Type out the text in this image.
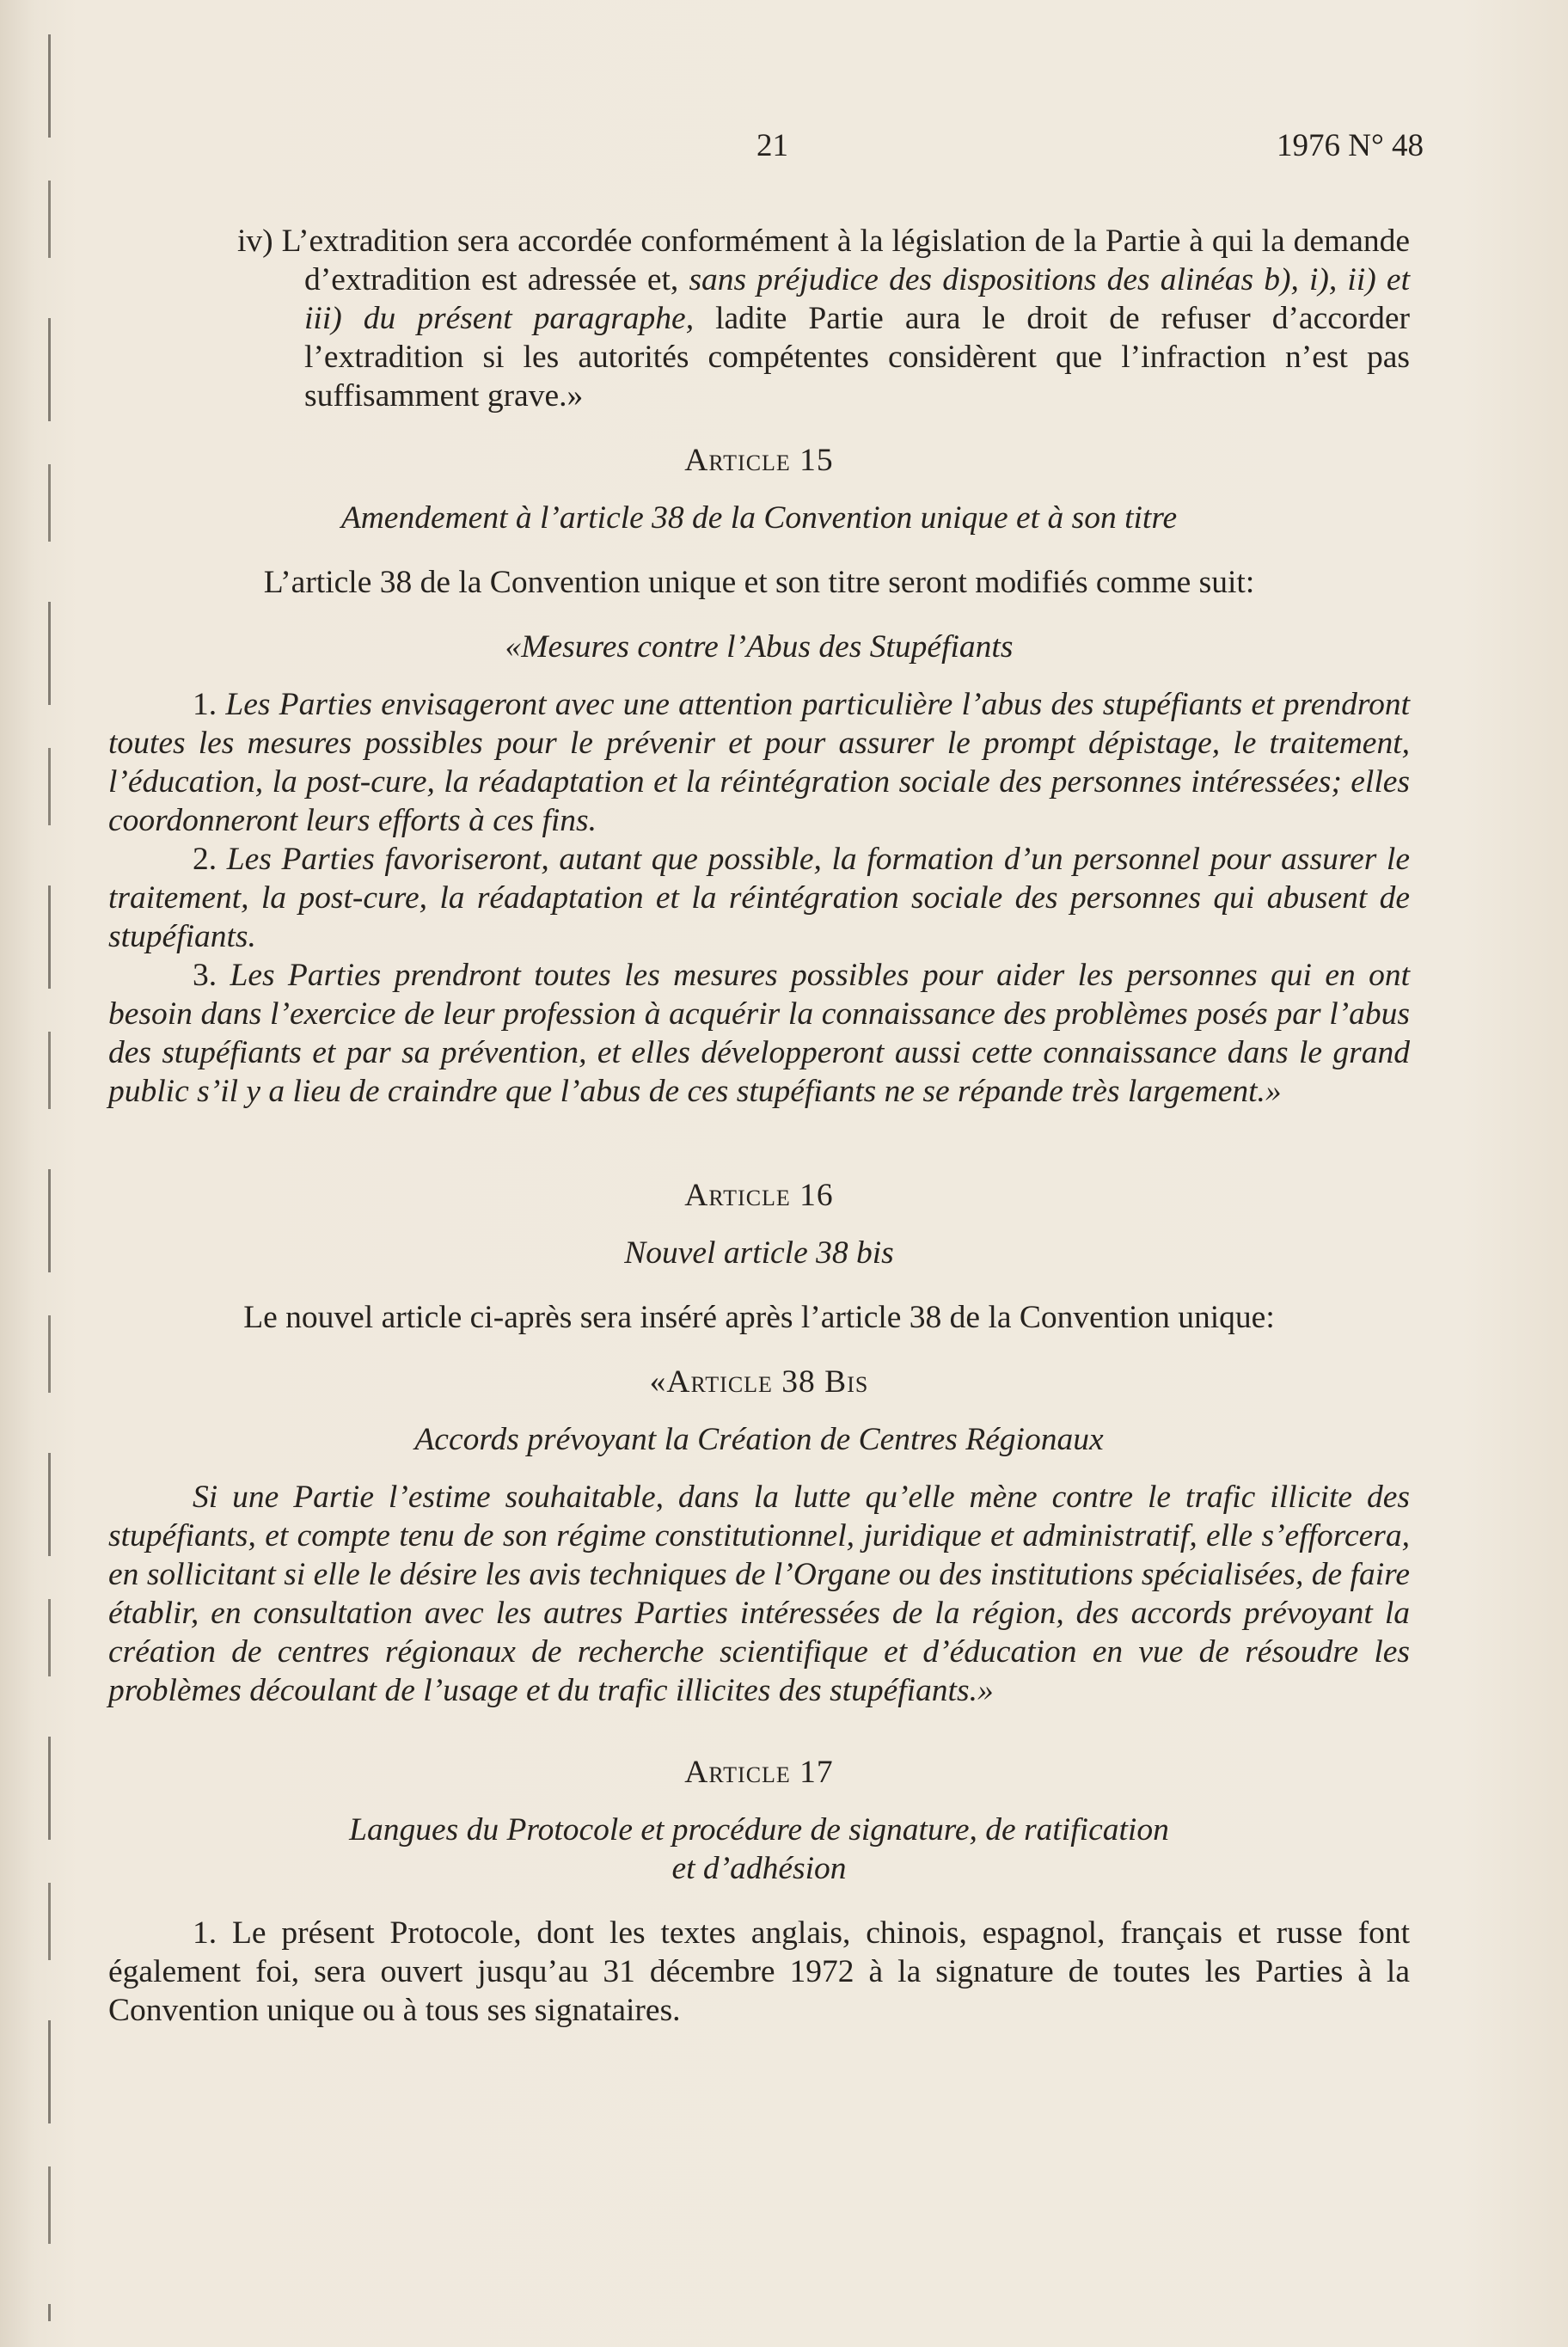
21	1976 N° 48

iv) L’extradition sera accordée conformément à la législation de la Partie à qui la demande d’extradition est adressée et, sans préjudice des dispositions des alinéas b), i), ii) et iii) du présent paragraphe, ladite Partie aura le droit de refuser d’accorder l’extradition si les autorités compétentes considèrent que l’infraction n’est pas suffisamment grave.»

Article 15

Amendement à l’article 38 de la Convention unique et à son titre

L’article 38 de la Convention unique et son titre seront modifiés comme suit:

«Mesures contre l’Abus des Stupéfiants

1. Les Parties envisageront avec une attention particulière l’abus des stupéfiants et prendront toutes les mesures possibles pour le prévenir et pour assurer le prompt dépistage, le traitement, l’éducation, la post-cure, la réadaptation et la réintégration sociale des personnes intéressées; elles coordonneront leurs efforts à ces fins.

2. Les Parties favoriseront, autant que possible, la formation d’un personnel pour assurer le traitement, la post-cure, la réadaptation et la réintégration sociale des personnes qui abusent de stupéfiants.

3. Les Parties prendront toutes les mesures possibles pour aider les personnes qui en ont besoin dans l’exercice de leur profession à acquérir la connaissance des problèmes posés par l’abus des stupéfiants et par sa prévention, et elles développeront aussi cette connaissance dans le grand public s’il y a lieu de craindre que l’abus de ces stupéfiants ne se répande très largement.»

Article 16

Nouvel article 38 bis

Le nouvel article ci-après sera inséré après l’article 38 de la Convention unique:

«Article 38 Bis

Accords prévoyant la Création de Centres Régionaux

Si une Partie l’estime souhaitable, dans la lutte qu’elle mène contre le trafic illicite des stupéfiants, et compte tenu de son régime constitutionnel, juridique et administratif, elle s’efforcera, en sollicitant si elle le désire les avis techniques de l’Organe ou des institutions spécialisées, de faire établir, en consultation avec les autres Parties intéressées de la région, des accords prévoyant la création de centres régionaux de recherche scientifique et d’éducation en vue de résoudre les problèmes découlant de l’usage et du trafic illicites des stupéfiants.»

Article 17

Langues du Protocole et procédure de signature, de ratification

et d’adhésion

1. Le présent Protocole, dont les textes anglais, chinois, espagnol, français et russe font également foi, sera ouvert jusqu’au 31 décembre 1972 à la signature de toutes les Parties à la Convention unique ou à tous ses signataires.
